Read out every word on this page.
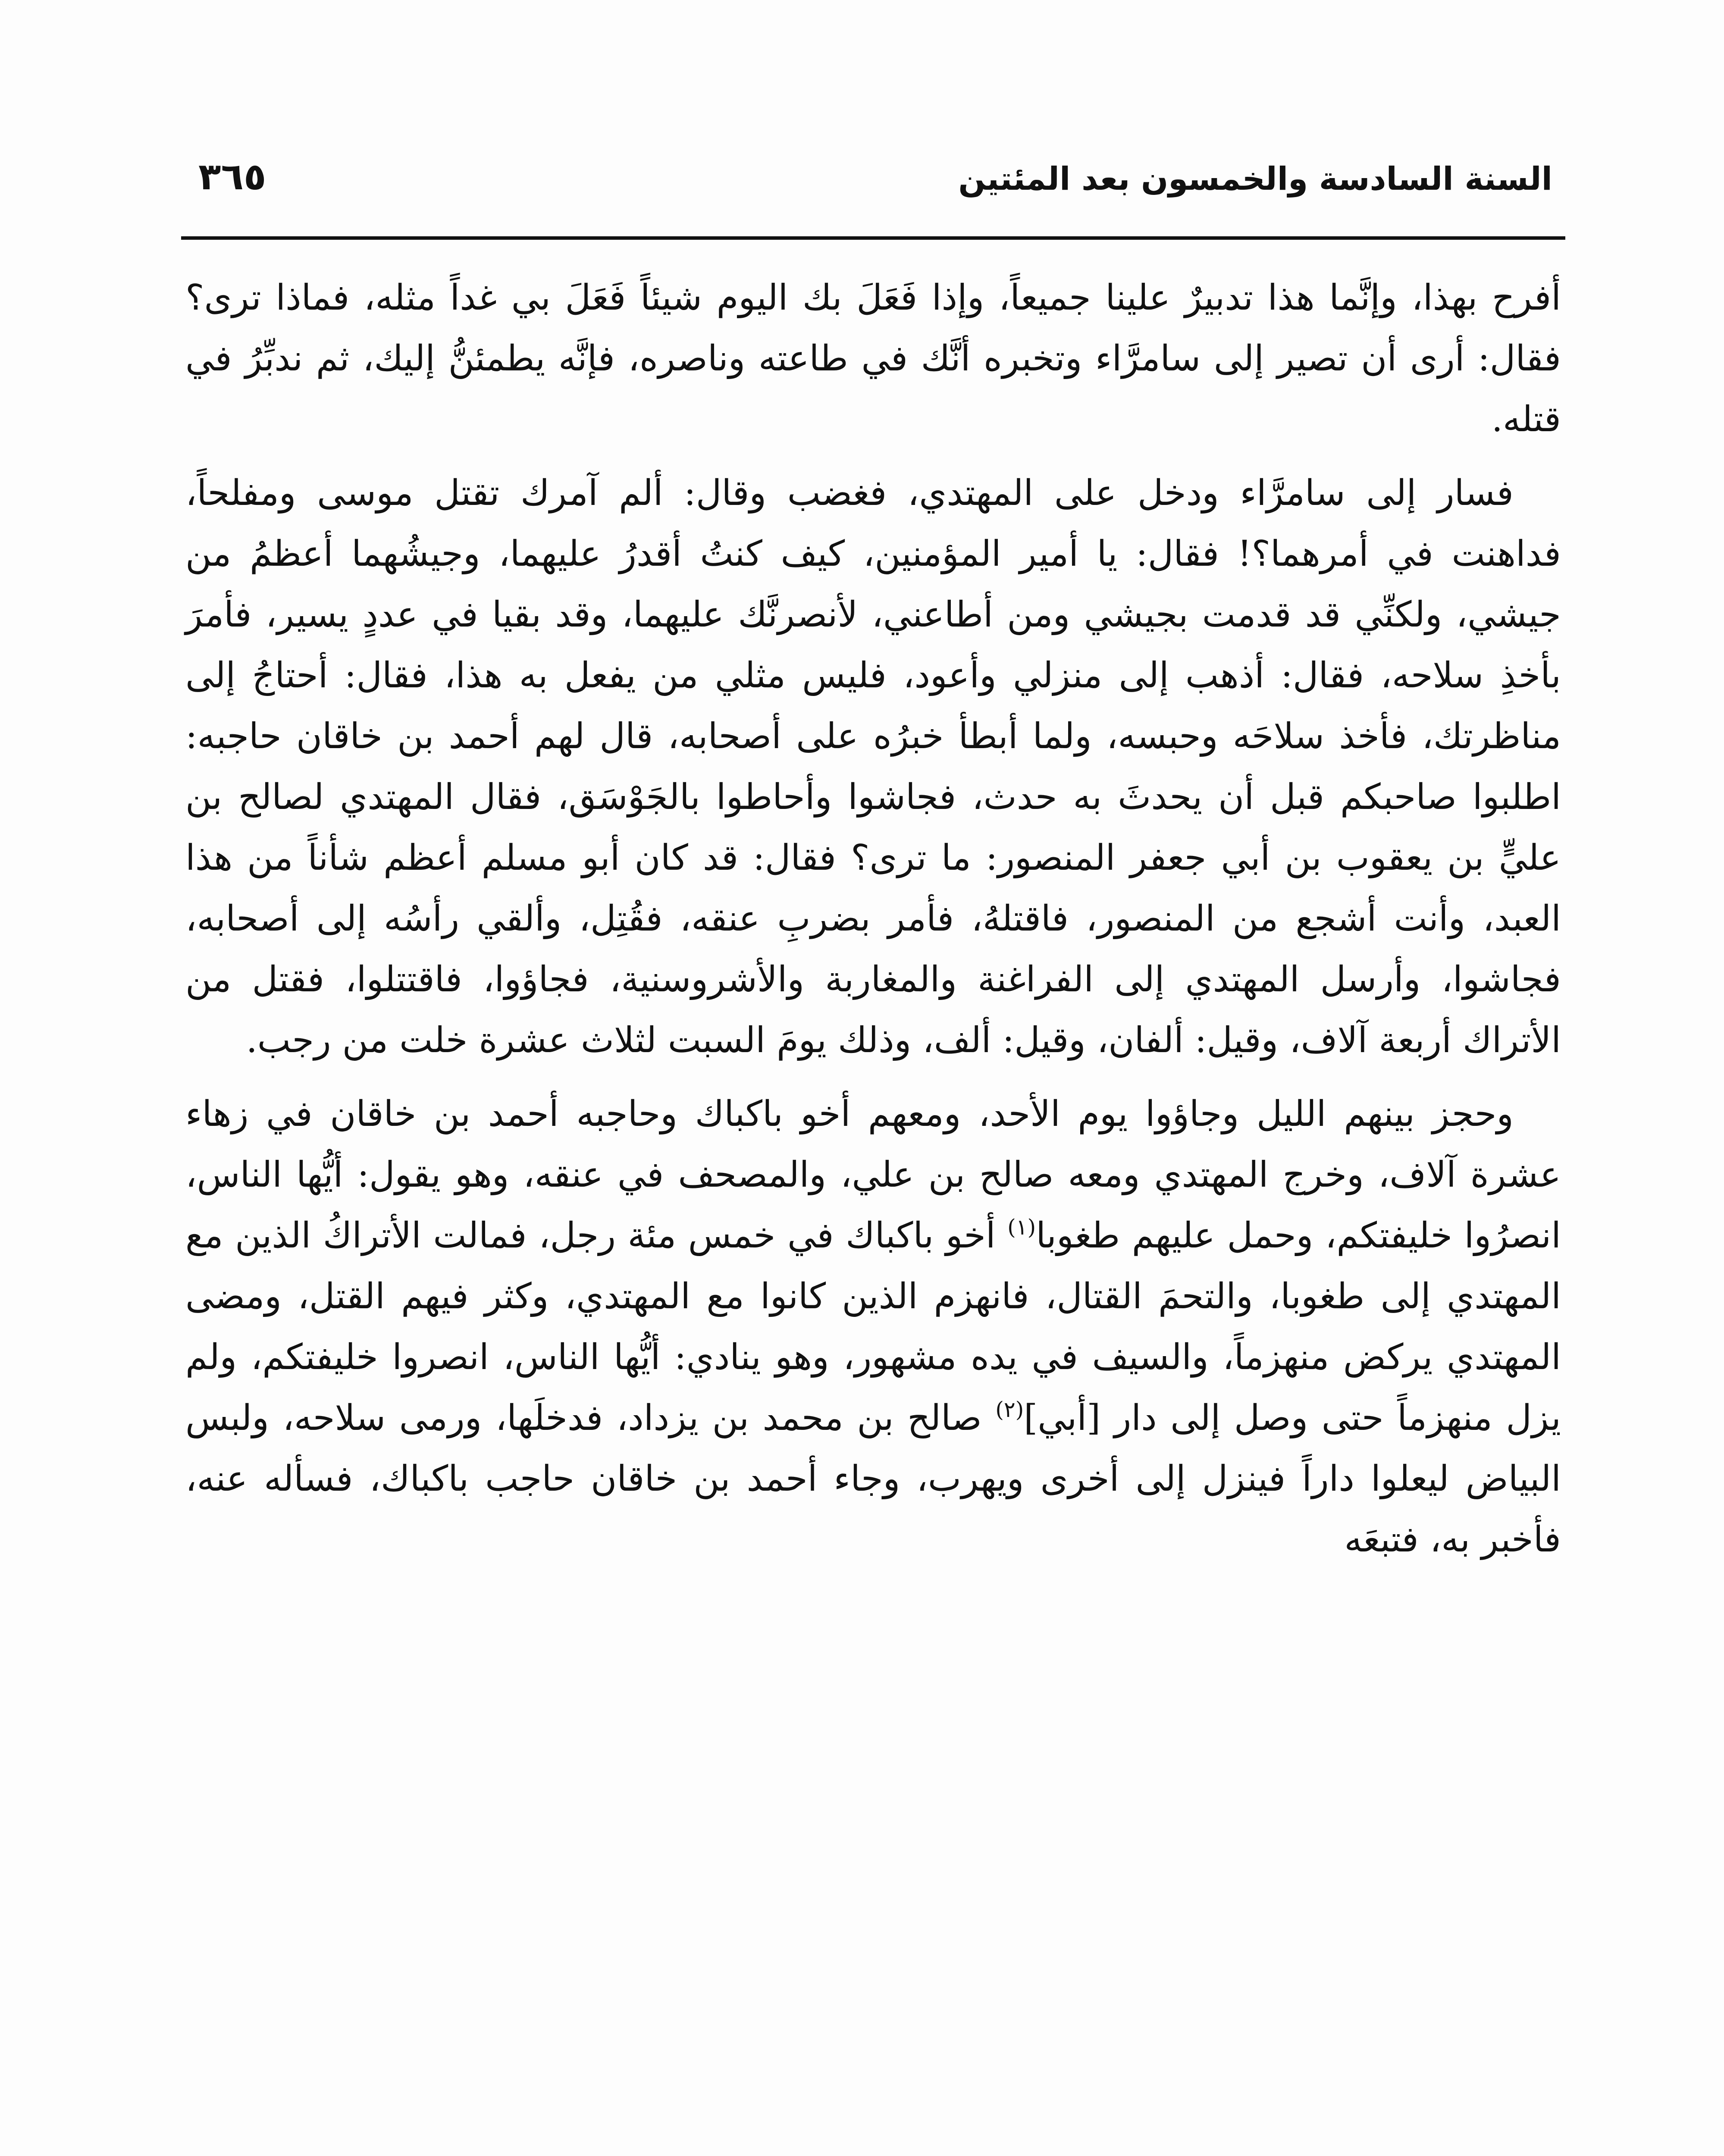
السنة السادسة والخمسون بعد المئتين
٣٦٥

أفرح بهذا، وإنَّما هذا تدبيرٌ علينا جميعاً، وإذا فَعَلَ بك اليوم شيئاً فَعَلَ بي غداً مثله، فماذا ترى؟ فقال: أرى أن تصير إلى سامرَّاء وتخبره أنَّك في طاعته وناصره، فإنَّه يطمئنُّ إليك، ثم ندبِّرُ في قتله.

فسار إلى سامرَّاء ودخل على المهتدي، فغضب وقال: ألم آمرك تقتل موسى ومفلحاً، فداهنت في أمرهما؟! فقال: يا أمير المؤمنين، كيف كنتُ أقدرُ عليهما، وجيشُهما أعظمُ من جيشي، ولكنِّي قد قدمت بجيشي ومن أطاعني، لأنصرنَّك عليهما، وقد بقيا في عددٍ يسير، فأمرَ بأخذِ سلاحه، فقال: أذهب إلى منزلي وأعود، فليس مثلي من يفعل به هذا، فقال: أحتاجُ إلى مناظرتك، فأخذ سلاحَه وحبسه، ولما أبطأ خبرُه على أصحابه، قال لهم أحمد بن خاقان حاجبه: اطلبوا صاحبكم قبل أن يحدثَ به حدث، فجاشوا وأحاطوا بالجَوْسَق، فقال المهتدي لصالح بن عليٍّ بن يعقوب بن أبي جعفر المنصور: ما ترى؟ فقال: قد كان أبو مسلم أعظم شأناً من هذا العبد، وأنت أشجع من المنصور، فاقتلهُ، فأمر بضربِ عنقه، فقُتِل، وألقي رأسُه إلى أصحابه، فجاشوا، وأرسل المهتدي إلى الفراغنة والمغاربة والأشروسنية، فجاؤوا، فاقتتلوا، فقتل من الأتراك أربعة آلاف، وقيل: ألفان، وقيل: ألف، وذلك يومَ السبت لثلاث عشرة خلت من رجب.

وحجز بينهم الليل وجاؤوا يوم الأحد، ومعهم أخو باكباك وحاجبه أحمد بن خاقان في زهاء عشرة آلاف، وخرج المهتدي ومعه صالح بن علي، والمصحف في عنقه، وهو يقول: أيُّها الناس، انصرُوا خليفتكم، وحمل عليهم طغوبا$^{(١)}$ أخو باكباك في خمس مئة رجل، فمالت الأتراكُ الذين مع المهتدي إلى طغوبا، والتحمَ القتال، فانهزم الذين كانوا مع المهتدي، وكثر فيهم القتل، ومضى المهتدي يركض منهزماً، والسيف في يده مشهور، وهو ينادي: أيُّها الناس، انصروا خليفتكم، ولم يزل منهزماً حتى وصل إلى دار [أبي]$^{(٢)}$ صالح بن محمد بن يزداد، فدخلَها، ورمى سلاحه، ولبس البياض ليعلوا داراً فينزل إلى أخرى ويهرب، وجاء أحمد بن خاقان حاجب باكباك، فسأله عنه، فأخبر به، فتبعَه
